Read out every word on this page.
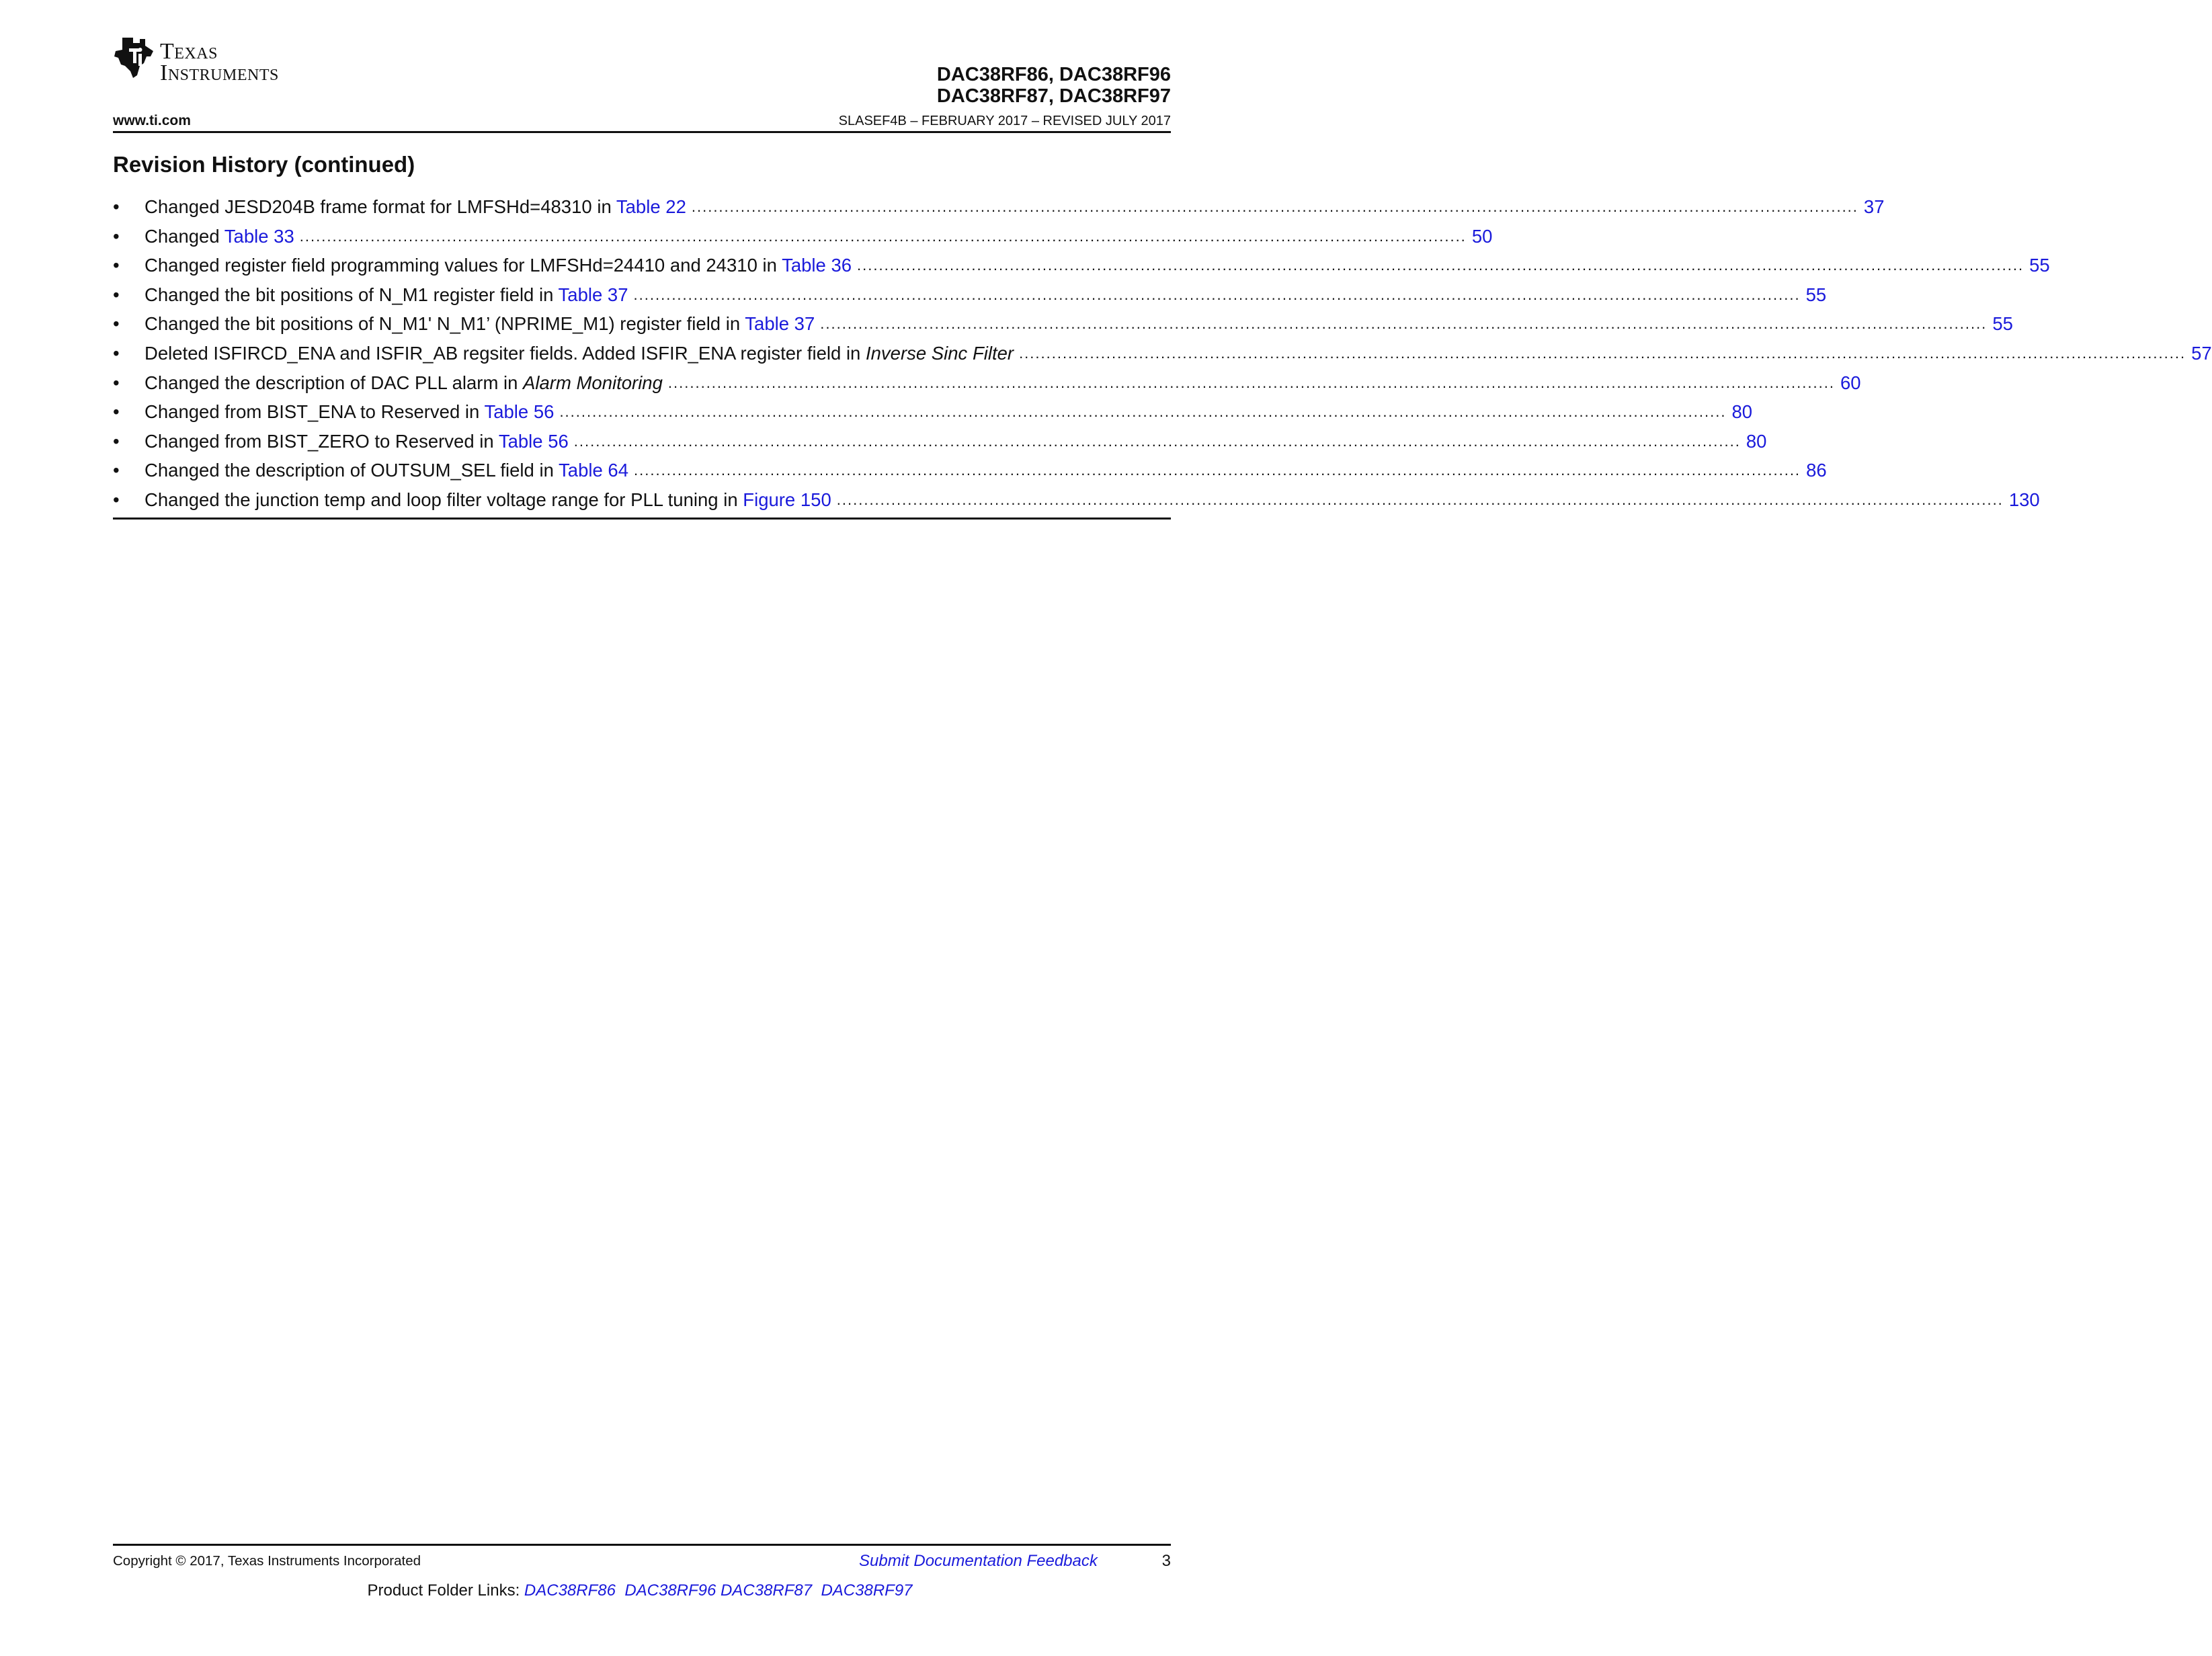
Texas
Instruments	DAC38RF86, DAC38RF96
DAC38RF87, DAC38RF97
www.ti.com	SLASEF4B – FEBRUARY 2017 – REVISED JULY 2017
Revision History (continued)
•	Changed JESD204B frame format for LMFSHd=48310 in Table 22 ...................................................................................................................................................................................................................... 37
•	Changed Table 33 ...................................................................................................................................................................................................................... 50
•	Changed register field programming values for LMFSHd=24410 and 24310 in Table 36 ...................................................................................................................................................................................................................... 55
•	Changed the bit positions of N_M1 register field in Table 37 ...................................................................................................................................................................................................................... 55
•	Changed the bit positions of N_M1' N_M1’ (NPRIME_M1) register field in Table 37 ...................................................................................................................................................................................................................... 55
•	Deleted ISFIRCD_ENA and ISFIR_AB regsiter fields. Added ISFIR_ENA register field in Inverse Sinc Filter ...................................................................................................................................................................................................................... 57
•	Changed the description of DAC PLL alarm in Alarm Monitoring ...................................................................................................................................................................................................................... 60
•	Changed from BIST_ENA to Reserved in Table 56 ...................................................................................................................................................................................................................... 80
•	Changed from BIST_ZERO to Reserved in Table 56 ...................................................................................................................................................................................................................... 80
•	Changed the description of OUTSUM_SEL field in Table 64 ...................................................................................................................................................................................................................... 86
•	Changed the junction temp and loop filter voltage range for PLL tuning in Figure 150 ...................................................................................................................................................................................................................... 130
Copyright © 2017, Texas Instruments Incorporated	Submit Documentation Feedback	3
Product Folder Links: DAC38RF86 DAC38RF96 DAC38RF87 DAC38RF97
